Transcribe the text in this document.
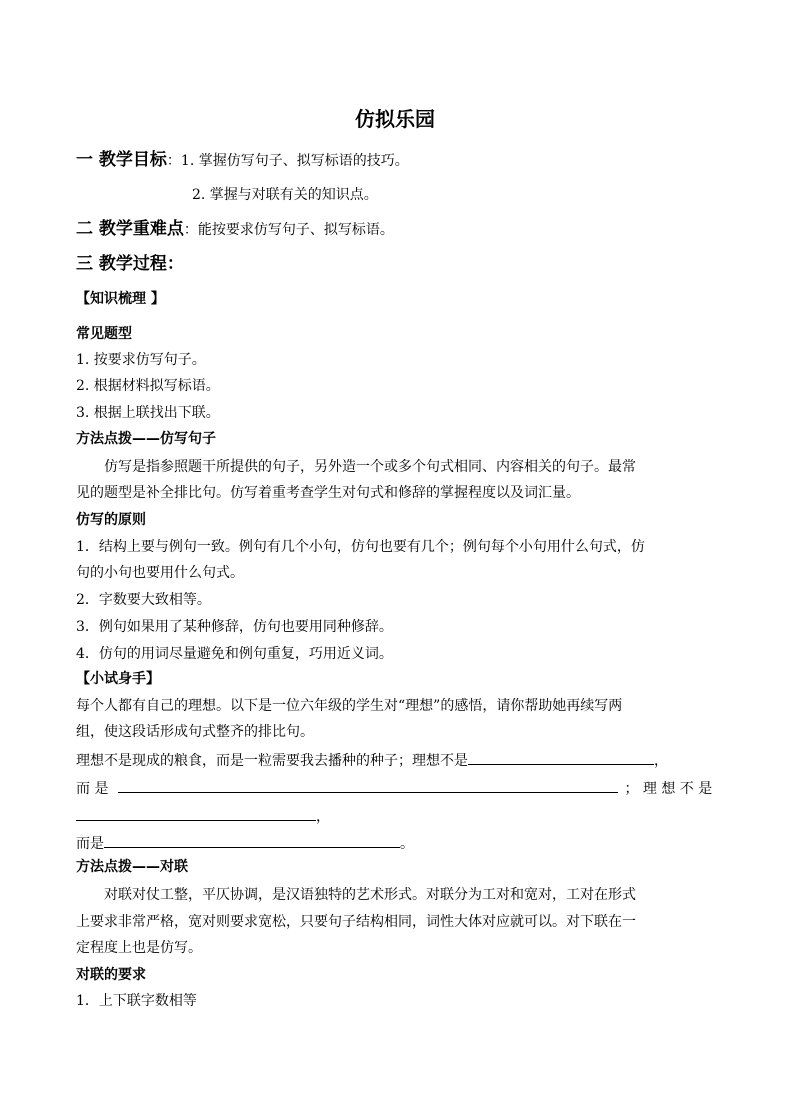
仿拟乐园
一 教学目标：1. 掌握仿写句子、拟写标语的技巧。
2. 掌握与对联有关的知识点。
二 教学重难点：能按要求仿写句子、拟写标语。
三 教学过程：
【知识梳理 】
常见题型
1. 按要求仿写句子。
2. 根据材料拟写标语。
3. 根据上联找出下联。
方法点拨——仿写句子
仿写是指参照题干所提供的句子，另外造一个或多个句式相同、内容相关的句子。最常
见的题型是补全排比句。仿写着重考查学生对句式和修辞的掌握程度以及词汇量。
仿写的原则
1．结构上要与例句一致。例句有几个小句，仿句也要有几个；例句每个小句用什么句式，仿
句的小句也要用什么句式。
2．字数要大致相等。
3．例句如果用了某种修辞，仿句也要用同种修辞。
4．仿句的用词尽量避免和例句重复，巧用近义词。
【小试身手】
每个人都有自己的理想。以下是一位六年级的学生对“理想”的感悟，请你帮助她再续写两
组，使这段话形成句式整齐的排比句。
理想不是现成的粮食，而是一粒需要我去播种的种子；理想不是	，
而 是	； 理 想 不 是
，
而是	。
方法点拨——对联
对联对仗工整，平仄协调，是汉语独特的艺术形式。对联分为工对和宽对，工对在形式
上要求非常严格，宽对则要求宽松，只要句子结构相同，词性大体对应就可以。对下联在一
定程度上也是仿写。
对联的要求
1．上下联字数相等
